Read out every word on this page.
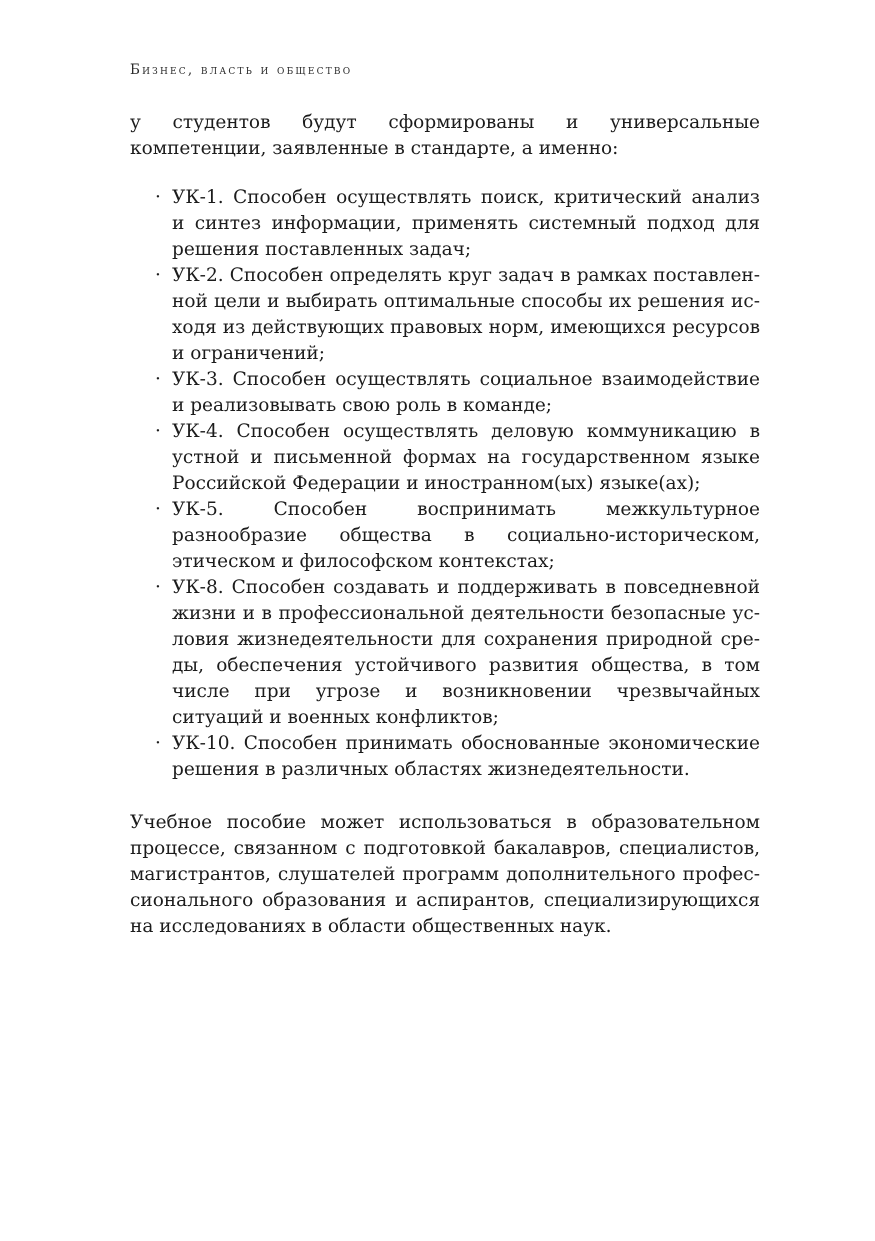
Бизнес, власть и общество

у студентов будут сформированы и универсальные компетенции, заявленные в стандарте, а именно:

· УК-1. Способен осуществлять поиск, критический анализ и синтез информации, применять системный подход для решения поставленных задач;
· УК-2. Способен определять круг задач в рамках поставленной цели и выбирать оптимальные способы их решения исходя из действующих правовых норм, имеющихся ресурсов и ограничений;
· УК-3. Способен осуществлять социальное взаимодействие и реализовывать свою роль в команде;
· УК-4. Способен осуществлять деловую коммуникацию в устной и письменной формах на государственном языке Российской Федерации и иностранном(ых) языке(ах);
· УК-5. Способен воспринимать межкультурное разнообразие общества в социально-историческом, этическом и философском контекстах;
· УК-8. Способен создавать и поддерживать в повседневной жизни и в профессиональной деятельности безопасные условия жизнедеятельности для сохранения природной среды, обеспечения устойчивого развития общества, в том числе при угрозе и возникновении чрезвычайных ситуаций и военных конфликтов;
· УК-10. Способен принимать обоснованные экономические решения в различных областях жизнедеятельности.

Учебное пособие может использоваться в образовательном процессе, связанном с подготовкой бакалавров, специалистов, магистрантов, слушателей программ дополнительного профессионального образования и аспирантов, специализирующихся на исследованиях в области общественных наук.
